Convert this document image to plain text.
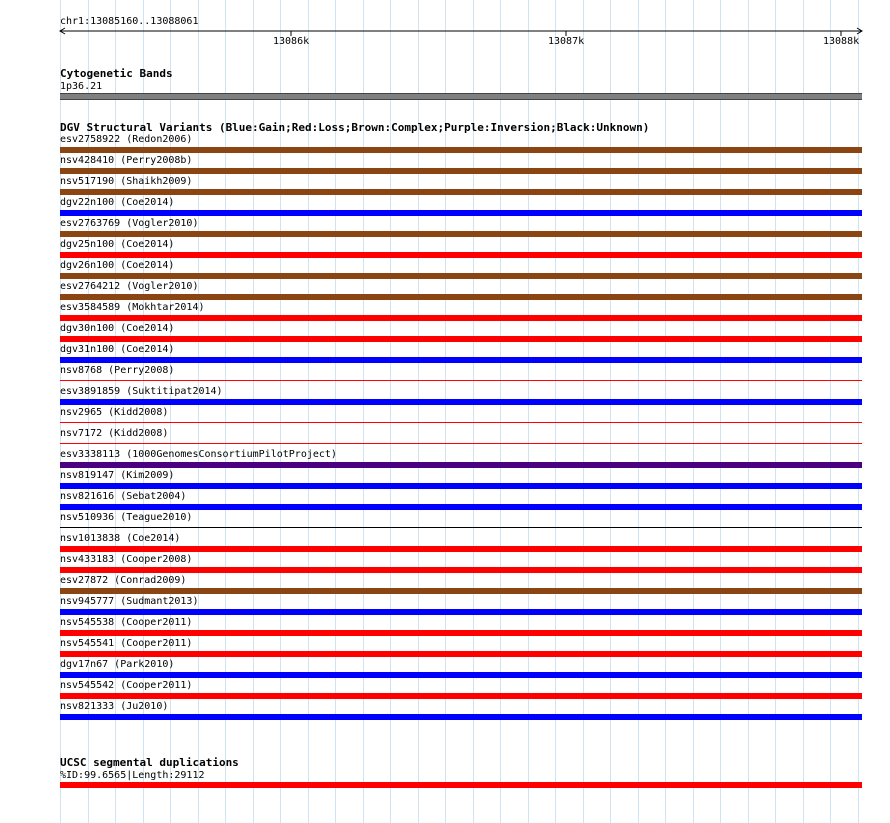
chr1:13085160..13088061
13086k	13087k	13088k
Cytogenetic Bands
1p36.21
DGV Structural Variants (Blue:Gain;Red:Loss;Brown:Complex;Purple:Inversion;Black:Unknown)
esv2758922 (Redon2006)
nsv428410 (Perry2008b)
nsv517190 (Shaikh2009)
dgv22n100 (Coe2014)
esv2763769 (Vogler2010)
dgv25n100 (Coe2014)
dgv26n100 (Coe2014)
esv2764212 (Vogler2010)
esv3584589 (Mokhtar2014)
dgv30n100 (Coe2014)
dgv31n100 (Coe2014)
nsv8768 (Perry2008)
esv3891859 (Suktitipat2014)
nsv2965 (Kidd2008)
nsv7172 (Kidd2008)
esv3338113 (1000GenomesConsortiumPilotProject)
nsv819147 (Kim2009)
nsv821616 (Sebat2004)
nsv510936 (Teague2010)
nsv1013838 (Coe2014)
nsv433183 (Cooper2008)
esv27872 (Conrad2009)
nsv945777 (Sudmant2013)
nsv545538 (Cooper2011)
nsv545541 (Cooper2011)
dgv17n67 (Park2010)
nsv545542 (Cooper2011)
nsv821333 (Ju2010)
UCSC segmental duplications
%ID:99.6565|Length:29112
